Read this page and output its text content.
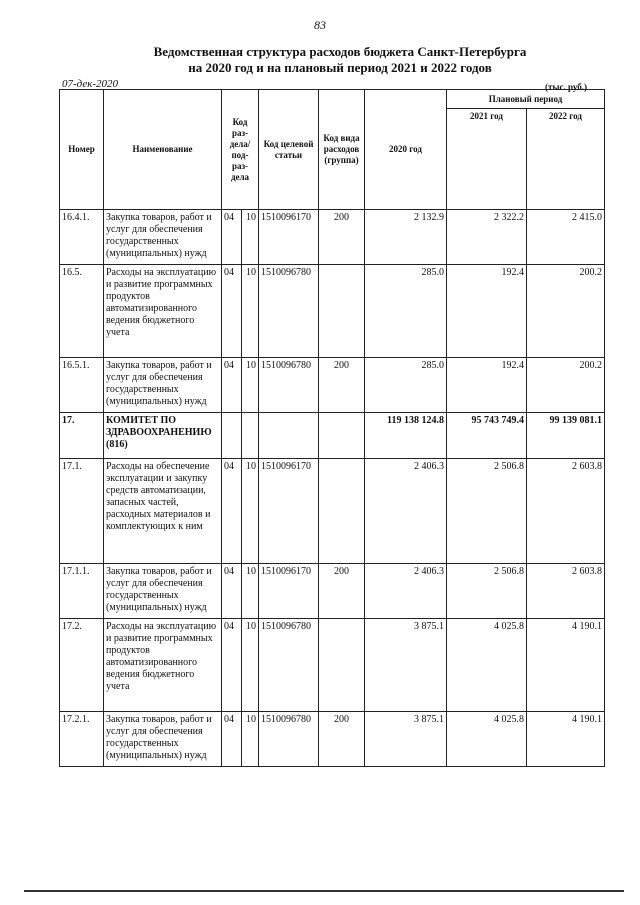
83
Ведомственная структура расходов бюджета Санкт-Петербурга
на 2020 год и на плановый период 2021 и 2022 годов
07-дек-2020	(тыс. руб.)
Номер	Наименование	Код раз-дела/ под-раз-дела		Код целевой статьи	Код вида расходов (группа)	2020 год	Плановый период	
							2021 год	2022 год
16.4.1.	Закупка товаров, работ и услуг для обеспечения государственных (муниципальных) нужд	04	10	1510096170	200	2 132.9	2 322.2	2 415.0
16.5.	Расходы на эксплуатацию и развитие программных продуктов автоматизированного ведения бюджетного учета	04	10	1510096780		285.0	192.4	200.2
16.5.1.	Закупка товаров, работ и услуг для обеспечения государственных (муниципальных) нужд	04	10	1510096780	200	285.0	192.4	200.2
17.	КОМИТЕТ ПО ЗДРАВООХРАНЕНИЮ (816)					119 138 124.8	95 743 749.4	99 139 081.1
17.1.	Расходы на обеспечение эксплуатации и закупку средств автоматизации, запасных частей, расходных материалов и комплектующих к ним	04	10	1510096170		2 406.3	2 506.8	2 603.8
17.1.1.	Закупка товаров, работ и услуг для обеспечения государственных (муниципальных) нужд	04	10	1510096170	200	2 406.3	2 506.8	2 603.8
17.2.	Расходы на эксплуатацию и развитие программных продуктов автоматизированного ведения бюджетного учета	04	10	1510096780		3 875.1	4 025.8	4 190.1
17.2.1.	Закупка товаров, работ и услуг для обеспечения государственных (муниципальных) нужд	04	10	1510096780	200	3 875.1	4 025.8	4 190.1
